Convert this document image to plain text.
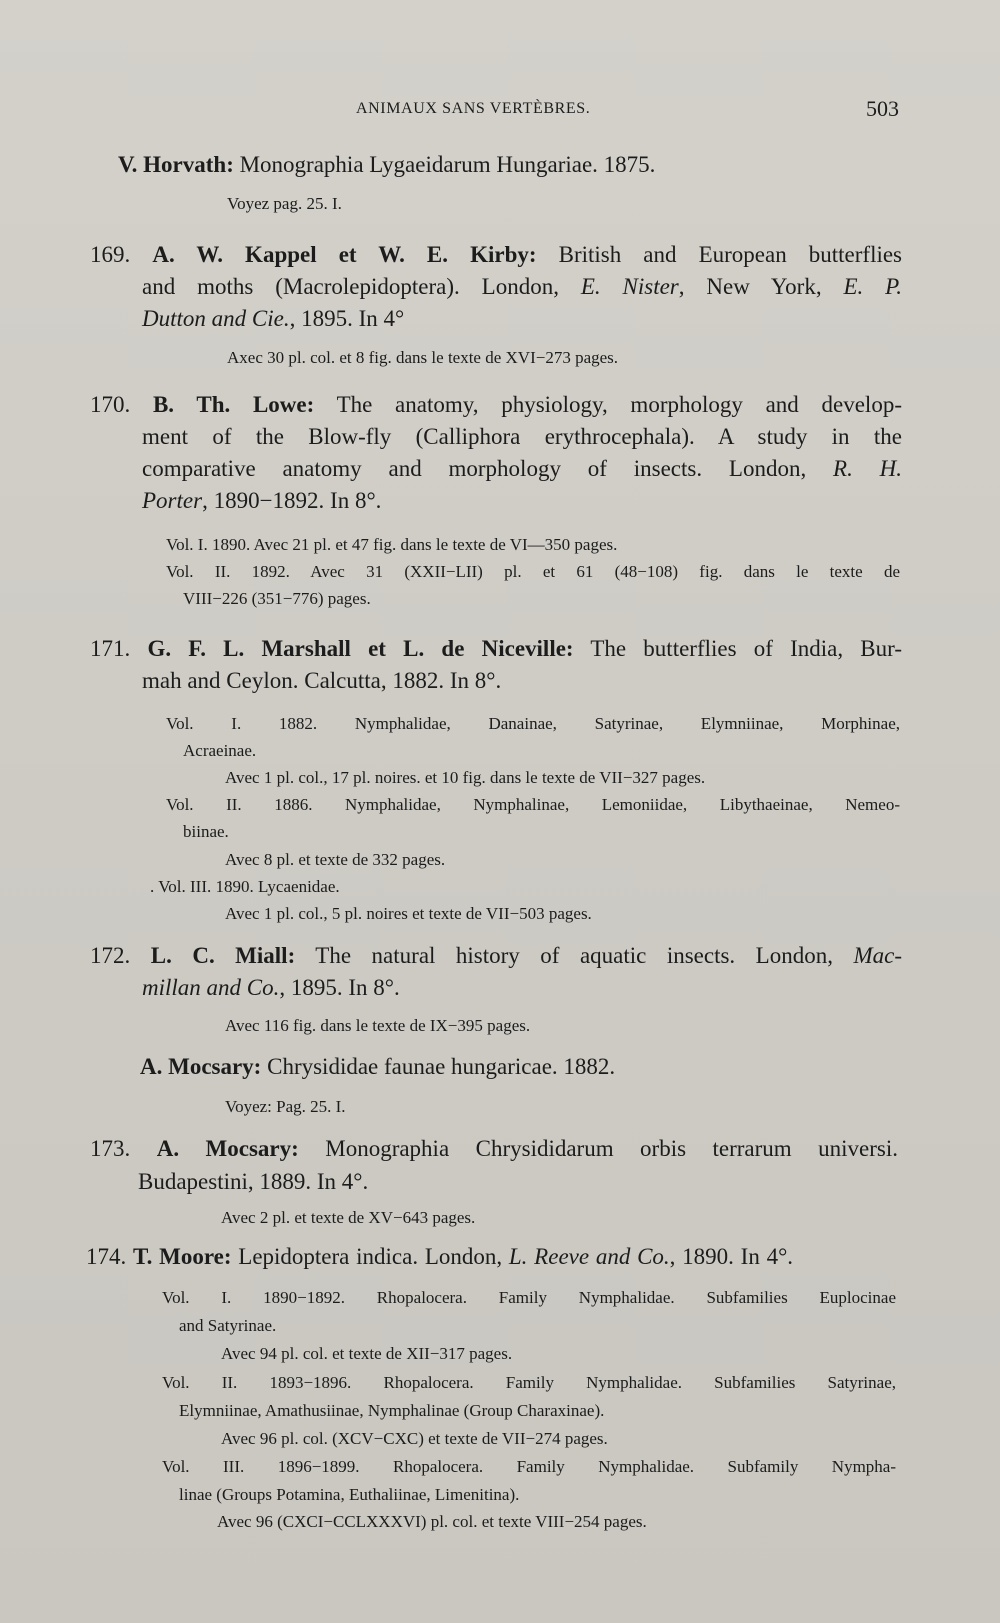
ANIMAUX SANS VERTÈBRES.	503
V. Horvath: Monographia Lygaeidarum Hungariae. 1875.
Voyez pag. 25. I.
169. A. W. Kappel et W. E. Kirby: British and European butterflies
and moths (Macrolepidoptera). London, E. Nister, New York, E. P.
Dutton and Cie., 1895. In 4°
Axec 30 pl. col. et 8 fig. dans le texte de XVI−273 pages.
170. B. Th. Lowe: The anatomy, physiology, morphology and develop-
ment of the Blow-fly (Calliphora erythrocephala). A study in the
comparative anatomy and morphology of insects. London, R. H.
Porter, 1890−1892. In 8°.
Vol. I. 1890. Avec 21 pl. et 47 fig. dans le texte de VI—350 pages.
Vol. II. 1892. Avec 31 (XXII−LII) pl. et 61 (48−108) fig. dans le texte de
VIII−226 (351−776) pages.
171. G. F. L. Marshall et L. de Niceville: The butterflies of India, Bur-
mah and Ceylon. Calcutta, 1882. In 8°.
Vol. I. 1882. Nymphalidae, Danainae, Satyrinae, Elymniinae, Morphinae,
Acraeinae.
Avec 1 pl. col., 17 pl. noires. et 10 fig. dans le texte de VII−327 pages.
Vol. II. 1886. Nymphalidae, Nymphalinae, Lemoniidae, Libythaeinae, Nemeo-
biinae.
Avec 8 pl. et texte de 332 pages.
. Vol. III. 1890. Lycaenidae.
Avec 1 pl. col., 5 pl. noires et texte de VII−503 pages.
172. L. C. Miall: The natural history of aquatic insects. London, Mac-
millan and Co., 1895. In 8°.
Avec 116 fig. dans le texte de IX−395 pages.
A. Mocsary: Chrysididae faunae hungaricae. 1882.
Voyez: Pag. 25. I.
173. A. Mocsary: Monographia Chrysididarum orbis terrarum universi.
Budapestini, 1889. In 4°.
Avec 2 pl. et texte de XV−643 pages.
174. T. Moore: Lepidoptera indica. London, L. Reeve and Co., 1890. In 4°.
Vol. I. 1890−1892. Rhopalocera. Family Nymphalidae. Subfamilies Euplocinae
and Satyrinae.
Avec 94 pl. col. et texte de XII−317 pages.
Vol. II. 1893−1896. Rhopalocera. Family Nymphalidae. Subfamilies Satyrinae,
Elymniinae, Amathusiinae, Nymphalinae (Group Charaxinae).
Avec 96 pl. col. (XCV−CXC) et texte de VII−274 pages.
Vol. III. 1896−1899. Rhopalocera. Family Nymphalidae. Subfamily Nympha-
linae (Groups Potamina, Euthaliinae, Limenitina).
Avec 96 (CXCI−CCLXXXVI) pl. col. et texte VIII−254 pages.
